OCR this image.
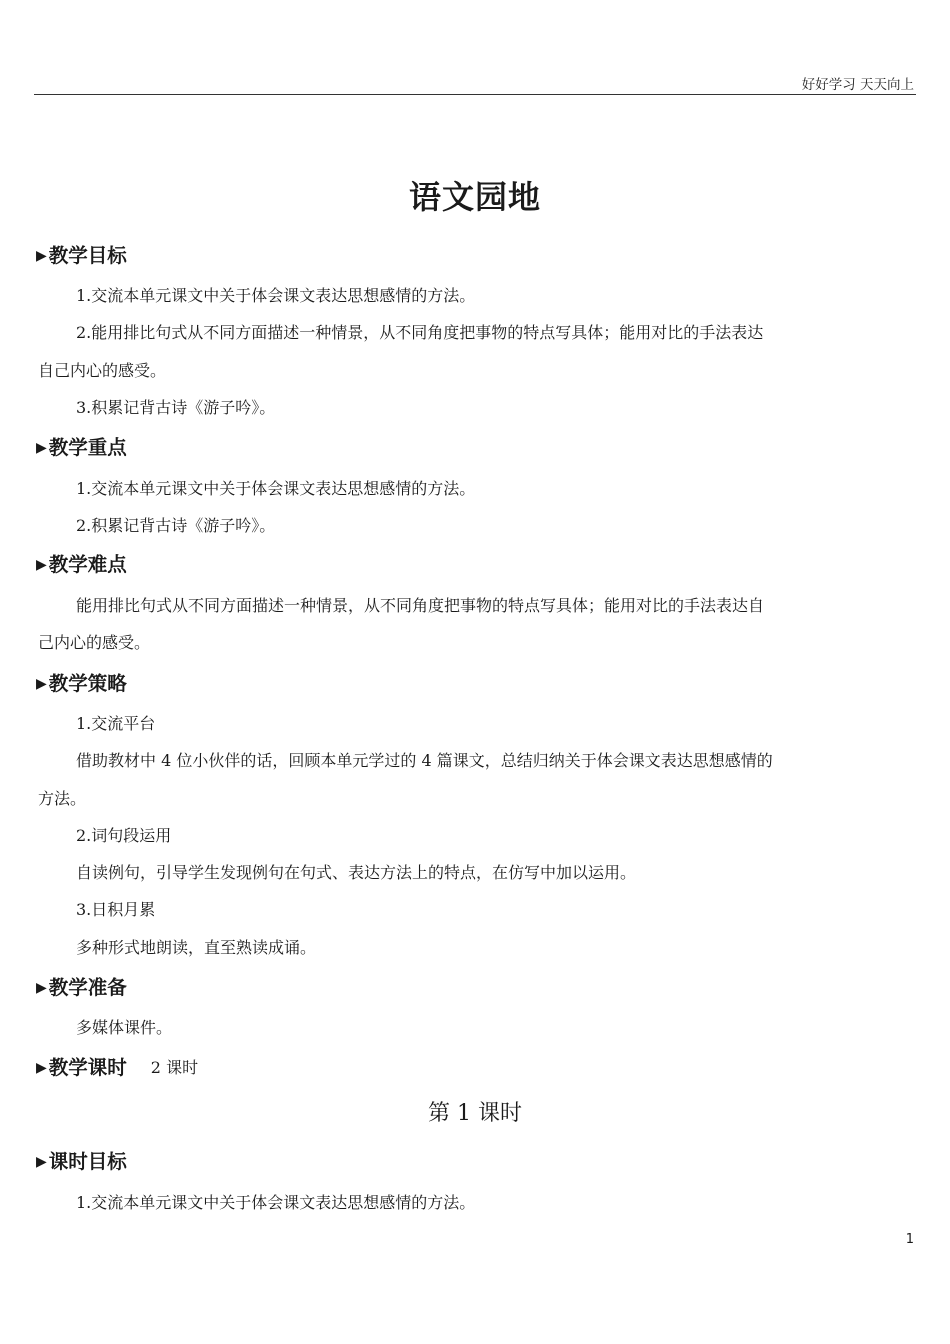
好好学习 天天向上
语文园地
▶ 教学目标
1.交流本单元课文中关于体会课文表达思想感情的方法。
2.能用排比句式从不同方面描述一种情景，从不同角度把事物的特点写具体；能用对比的手法表达
自己内心的感受。
3.积累记背古诗《游子吟》。
▶ 教学重点
1.交流本单元课文中关于体会课文表达思想感情的方法。
2.积累记背古诗《游子吟》。
▶ 教学难点
能用排比句式从不同方面描述一种情景，从不同角度把事物的特点写具体；能用对比的手法表达自
己内心的感受。
▶ 教学策略
1.交流平台
借助教材中 4 位小伙伴的话，回顾本单元学过的 4 篇课文，总结归纳关于体会课文表达思想感情的
方法。
2.词句段运用
自读例句，引导学生发现例句在句式、表达方法上的特点，在仿写中加以运用。
3.日积月累
多种形式地朗读，直至熟读成诵。
▶ 教学准备
多媒体课件。
▶ 教学课时 2 课时
第 1 课时
▶ 课时目标
1.交流本单元课文中关于体会课文表达思想感情的方法。
1
